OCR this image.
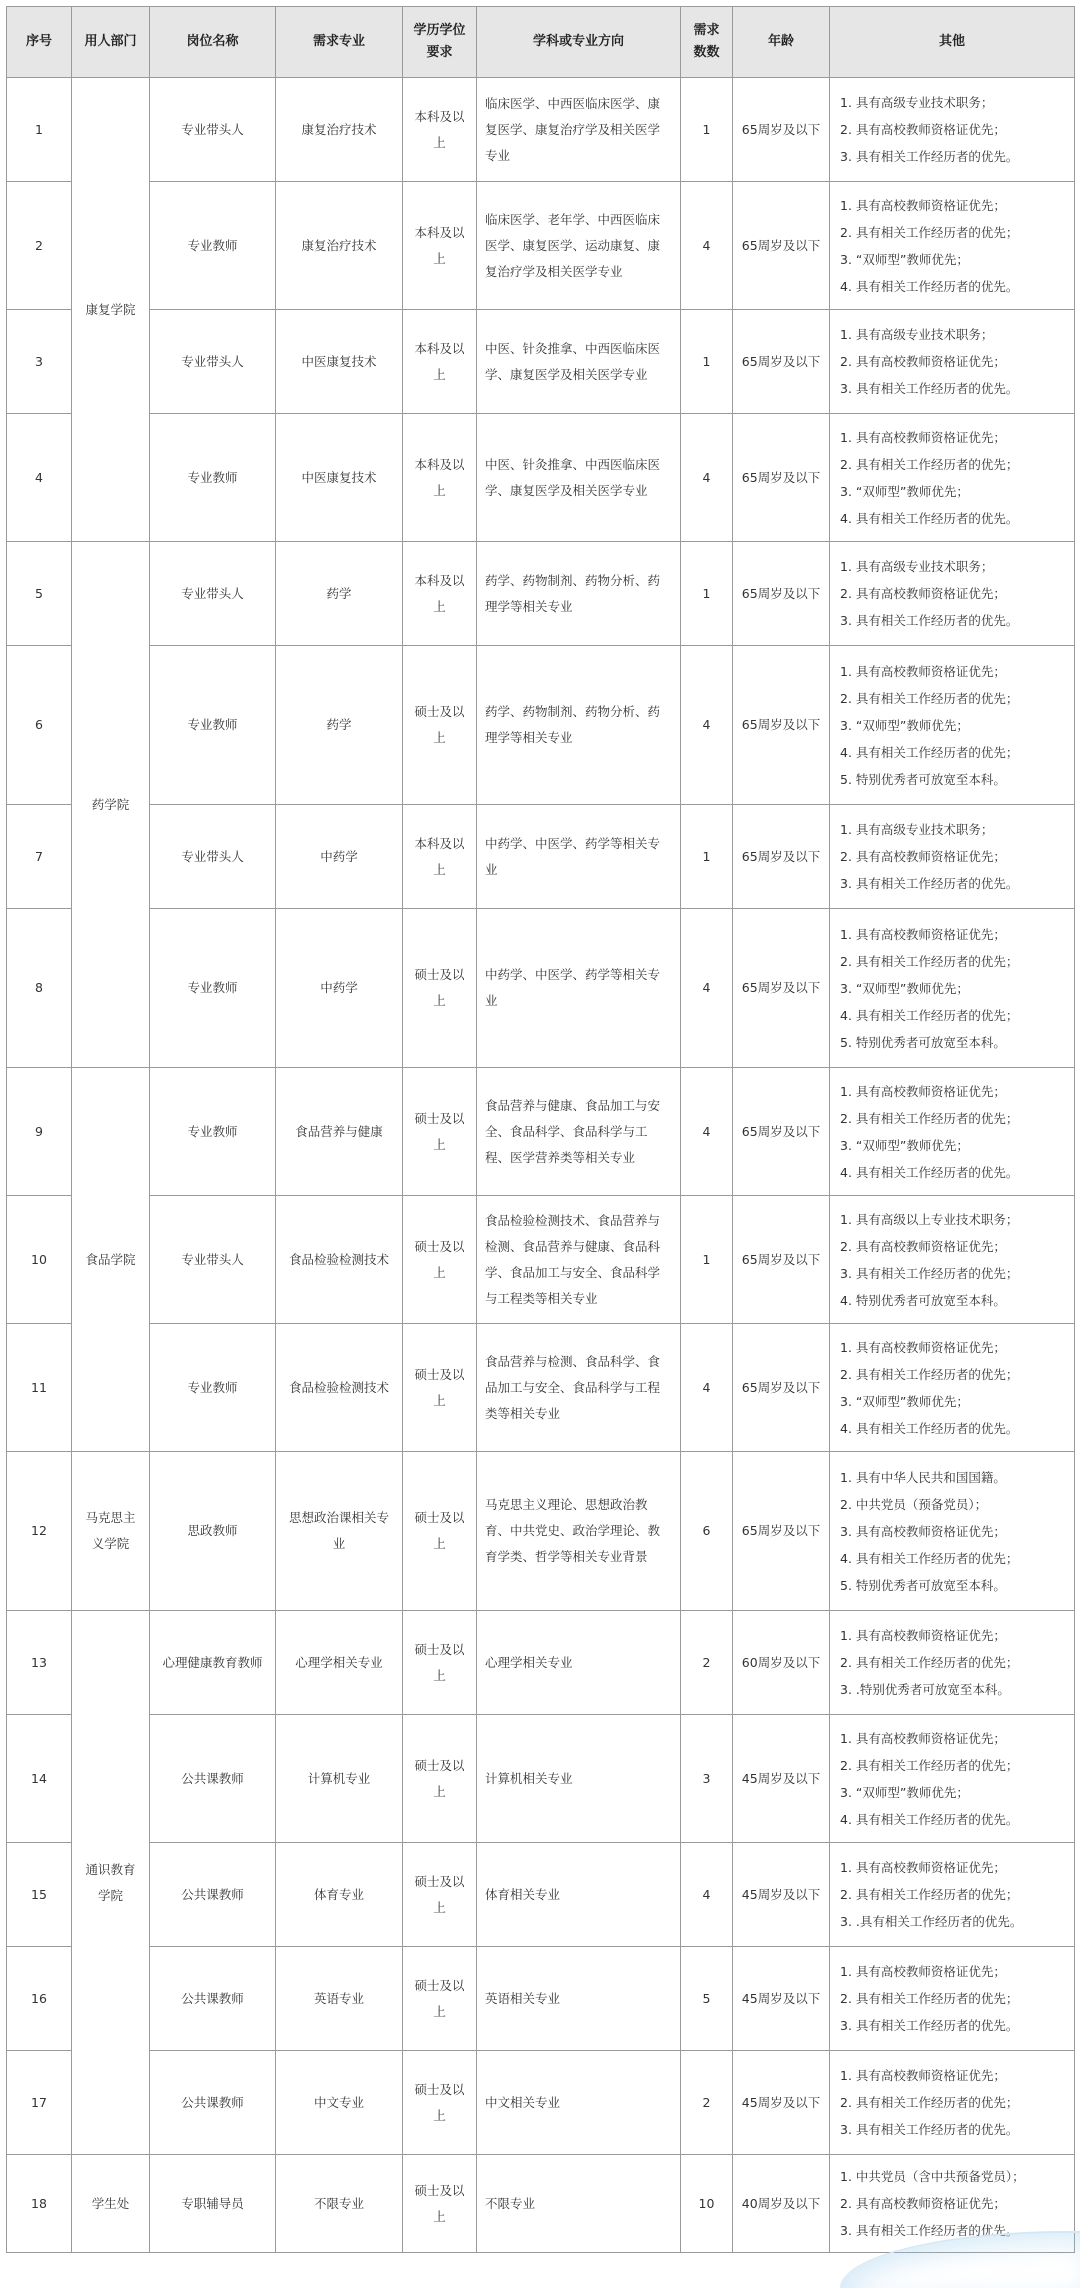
序号	用人部门	岗位名称	需求专业	学历学位要求	学科或专业方向	需求数数	年龄	其他
1	康复学院	专业带头人	康复治疗技术	本科及以上	临床医学、中西医临床医学、康复医学、康复治疗学及相关医学专业	1	65周岁及以下	1. 具有高级专业技术职务；
2. 具有高校教师资格证优先；
3. 具有相关工作经历者的优先。

2		专业教师	康复治疗技术	本科及以上	临床医学、老年学、中西医临床医学、康复医学、运动康复、康复治疗学及相关医学专业	4	65周岁及以下	1. 具有高校教师资格证优先；
2. 具有相关工作经历者的优先；
3. “双师型”教师优先；
4. 具有相关工作经历者的优先。

3		专业带头人	中医康复技术	本科及以上	中医、针灸推拿、中西医临床医学、康复医学及相关医学专业	1	65周岁及以下	1. 具有高级专业技术职务；
2. 具有高校教师资格证优先；
3. 具有相关工作经历者的优先。

4		专业教师	中医康复技术	本科及以上	中医、针灸推拿、中西医临床医学、康复医学及相关医学专业	4	65周岁及以下	1. 具有高校教师资格证优先；
2. 具有相关工作经历者的优先；
3. “双师型”教师优先；
4. 具有相关工作经历者的优先。

5	药学院	专业带头人	药学	本科及以上	药学、药物制剂、药物分析、药理学等相关专业	1	65周岁及以下	1. 具有高级专业技术职务；
2. 具有高校教师资格证优先；
3. 具有相关工作经历者的优先。

6		专业教师	药学	硕士及以上	药学、药物制剂、药物分析、药理学等相关专业	4	65周岁及以下	1. 具有高校教师资格证优先；
2. 具有相关工作经历者的优先；
3. “双师型”教师优先；
4. 具有相关工作经历者的优先；
5. 特别优秀者可放宽至本科。

7		专业带头人	中药学	本科及以上	中药学、中医学、药学等相关专业	1	65周岁及以下	1. 具有高级专业技术职务；
2. 具有高校教师资格证优先；
3. 具有相关工作经历者的优先。

8		专业教师	中药学	硕士及以上	中药学、中医学、药学等相关专业	4	65周岁及以下	1. 具有高校教师资格证优先；
2. 具有相关工作经历者的优先；
3. “双师型”教师优先；
4. 具有相关工作经历者的优先；
5. 特别优秀者可放宽至本科。

9	食品学院	专业教师	食品营养与健康	硕士及以上	食品营养与健康、食品加工与安全、食品科学、食品科学与工程、医学营养类等相关专业	4	65周岁及以下	1. 具有高校教师资格证优先；
2. 具有相关工作经历者的优先；
3. “双师型”教师优先；
4. 具有相关工作经历者的优先。

10		专业带头人	食品检验检测技术	硕士及以上	食品检验检测技术、食品营养与检测、食品营养与健康、食品科学、食品加工与安全、食品科学与工程类等相关专业	1	65周岁及以下	1. 具有高级以上专业技术职务；
2. 具有高校教师资格证优先；
3. 具有相关工作经历者的优先；
4. 特别优秀者可放宽至本科。

11		专业教师	食品检验检测技术	硕士及以上	食品营养与检测、食品科学、食品加工与安全、食品科学与工程类等相关专业	4	65周岁及以下	1. 具有高校教师资格证优先；
2. 具有相关工作经历者的优先；
3. “双师型”教师优先；
4. 具有相关工作经历者的优先。

12	马克思主义学院	思政教师	思想政治课相关专业	硕士及以上	马克思主义理论、思想政治教育、中共党史、政治学理论、教育学类、哲学等相关专业背景	6	65周岁及以下	1. 具有中华人民共和国国籍。
2. 中共党员（预备党员）；
3. 具有高校教师资格证优先；
4. 具有相关工作经历者的优先；
5. 特别优秀者可放宽至本科。

13	通识教育学院	心理健康教育教师	心理学相关专业	硕士及以上	心理学相关专业	2	60周岁及以下	1. 具有高校教师资格证优先；
2. 具有相关工作经历者的优先；
3. .特别优秀者可放宽至本科。

14		公共课教师	计算机专业	硕士及以上	计算机相关专业	3	45周岁及以下	1. 具有高校教师资格证优先；
2. 具有相关工作经历者的优先；
3. “双师型”教师优先；
4. 具有相关工作经历者的优先。

15		公共课教师	体育专业	硕士及以上	体育相关专业	4	45周岁及以下	1. 具有高校教师资格证优先；
2. 具有相关工作经历者的优先；
3. .具有相关工作经历者的优先。

16		公共课教师	英语专业	硕士及以上	英语相关专业	5	45周岁及以下	1. 具有高校教师资格证优先；
2. 具有相关工作经历者的优先；
3. 具有相关工作经历者的优先。

17		公共课教师	中文专业	硕士及以上	中文相关专业	2	45周岁及以下	1. 具有高校教师资格证优先；
2. 具有相关工作经历者的优先；
3. 具有相关工作经历者的优先。

18	学生处	专职辅导员	不限专业	硕士及以上	不限专业	10	40周岁及以下	1. 中共党员（含中共预备党员）；
2. 具有高校教师资格证优先；
3. 具有相关工作经历者的优先。
